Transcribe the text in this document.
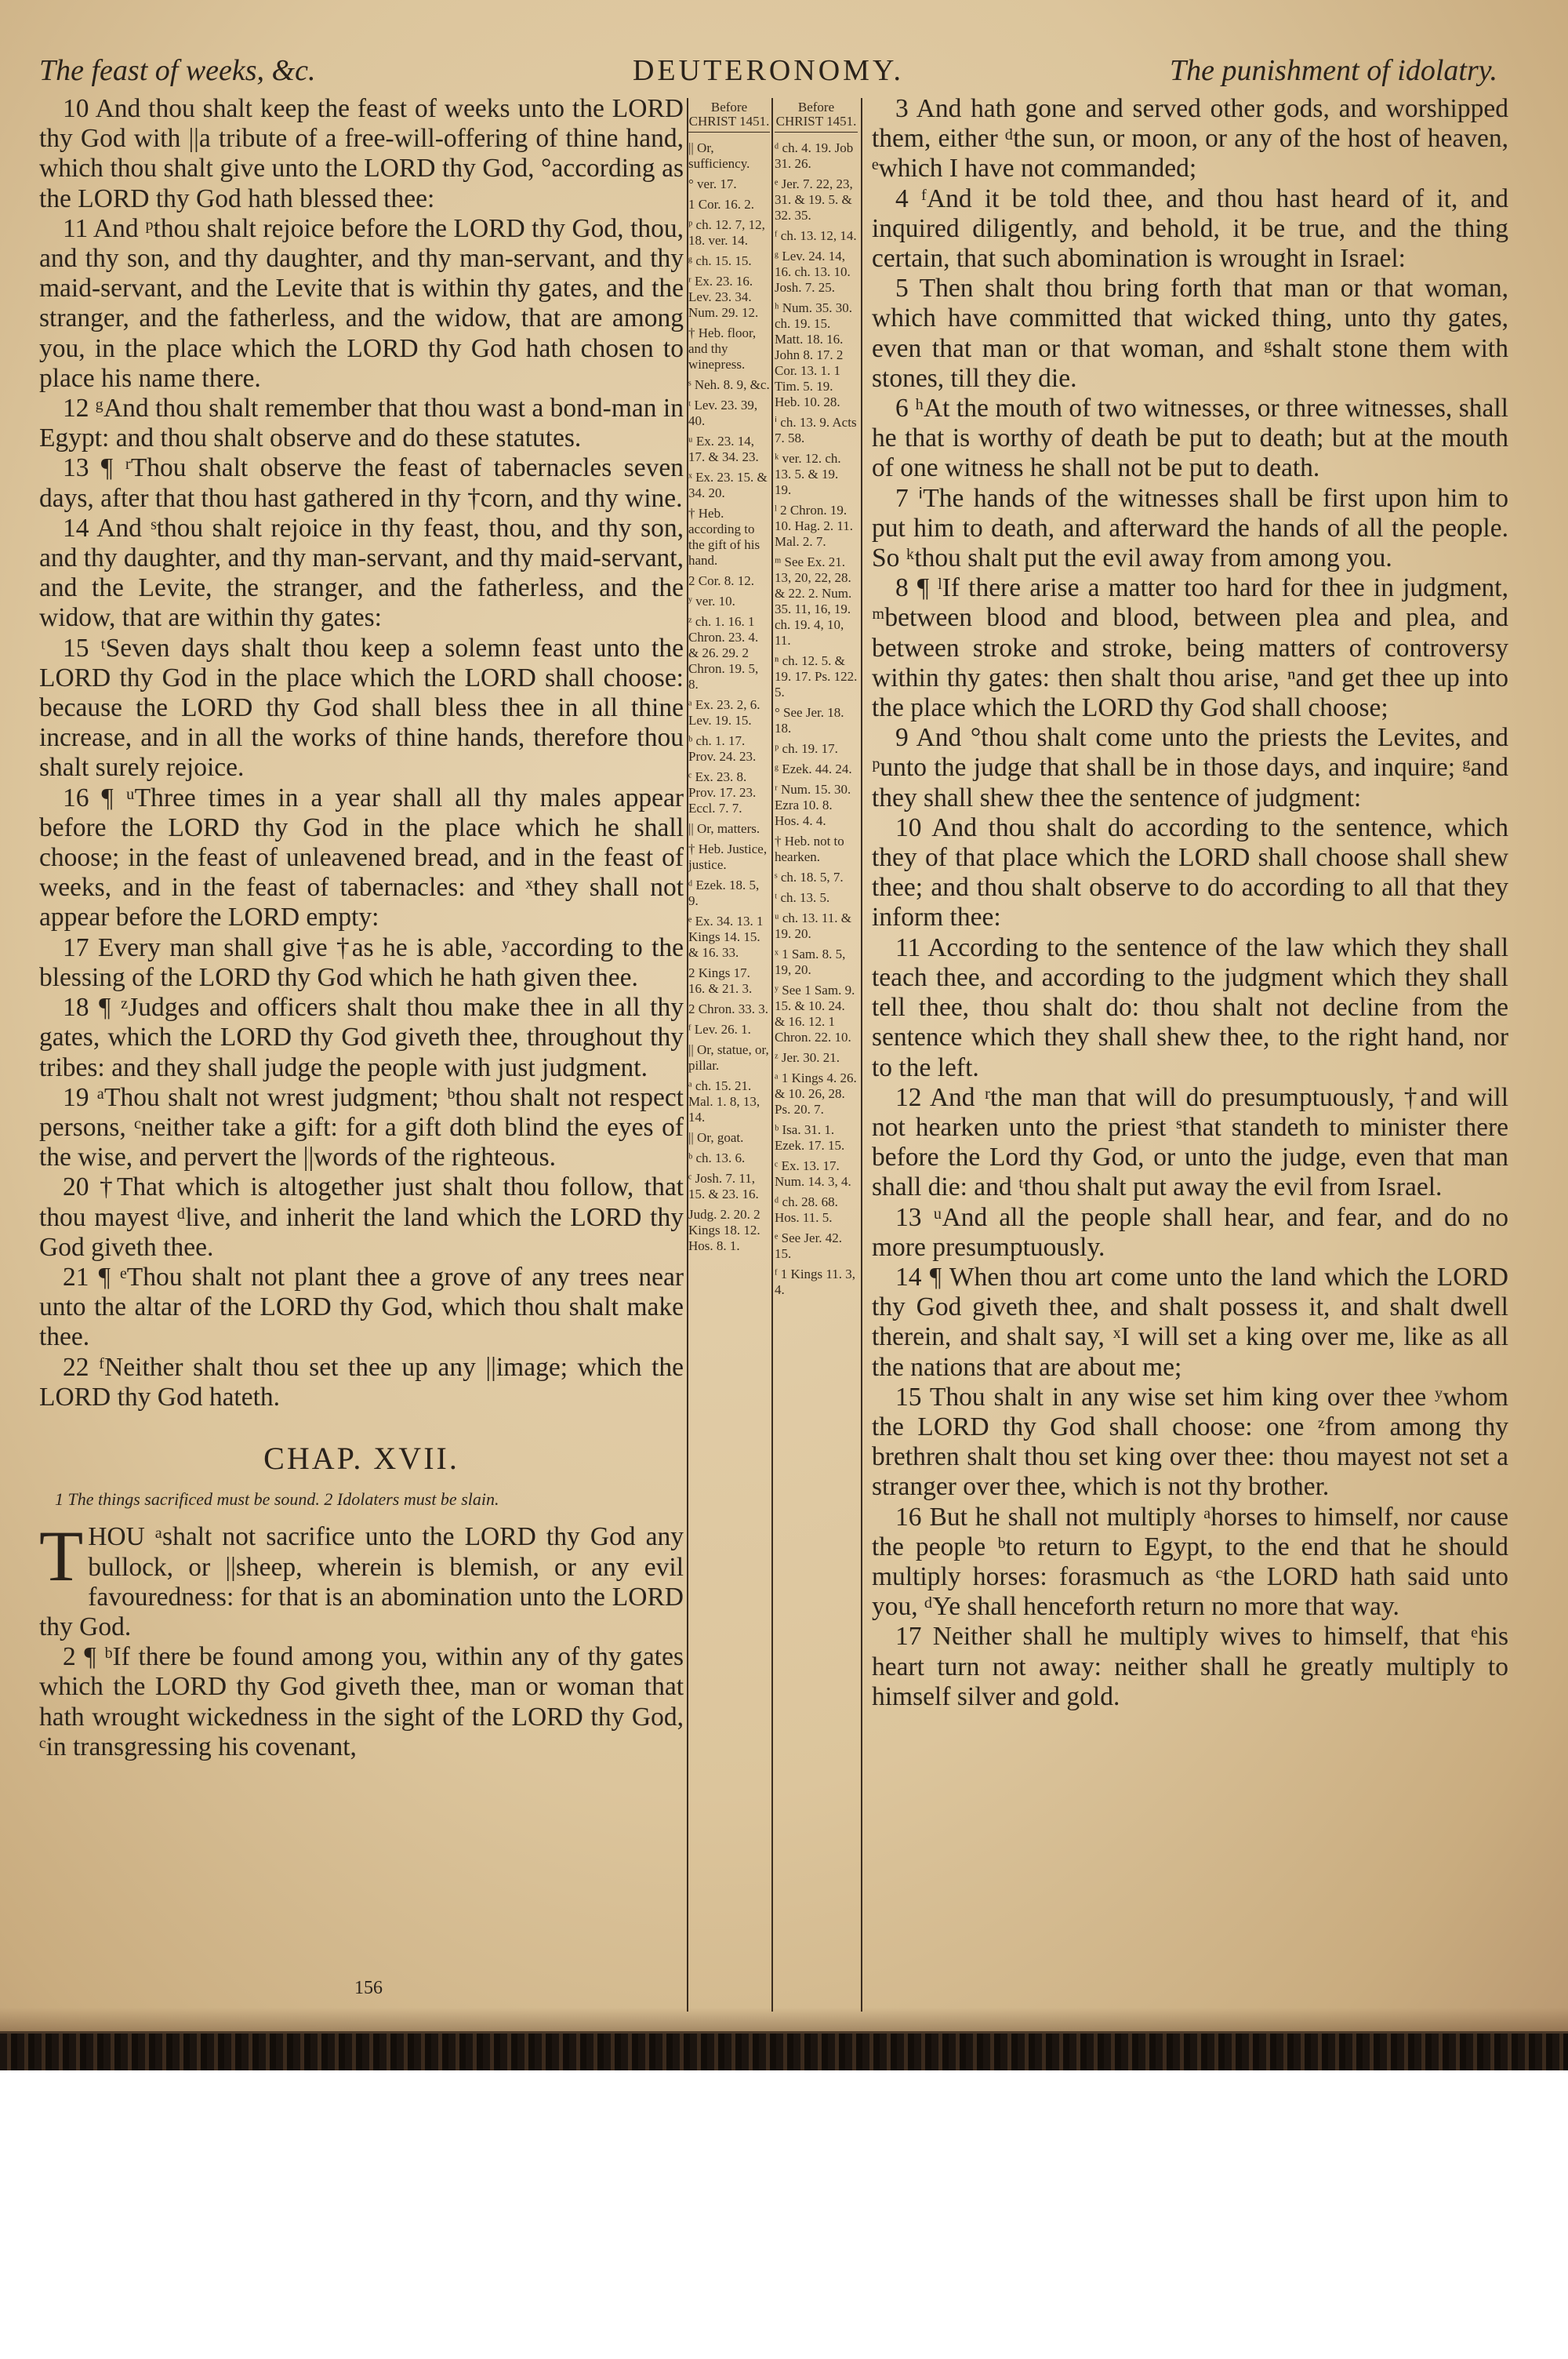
The feast of weeks, &c.	DEUTERONOMY.	The punishment of idolatry.

10 And thou shalt keep the feast of weeks unto the LORD thy God with ||a tribute of a free-will-offering of thine hand, which thou shalt give unto the LORD thy God, °according as the LORD thy God hath blessed thee:

11 And ᵖthou shalt rejoice before the LORD thy God, thou, and thy son, and thy daughter, and thy man-servant, and thy maid-servant, and the Levite that is within thy gates, and the stranger, and the fatherless, and the widow, that are among you, in the place which the LORD thy God hath chosen to place his name there.

12 ᵍAnd thou shalt remember that thou wast a bond-man in Egypt: and thou shalt observe and do these statutes.

13 ¶ ʳThou shalt observe the feast of tabernacles seven days, after that thou hast gathered in thy †corn, and thy wine.

14 And ˢthou shalt rejoice in thy feast, thou, and thy son, and thy daughter, and thy man-servant, and thy maid-servant, and the Levite, the stranger, and the fatherless, and the widow, that are within thy gates:

15 ᵗSeven days shalt thou keep a solemn feast unto the LORD thy God in the place which the LORD shall choose: because the LORD thy God shall bless thee in all thine increase, and in all the works of thine hands, therefore thou shalt surely rejoice.

16 ¶ ᵘThree times in a year shall all thy males appear before the LORD thy God in the place which he shall choose; in the feast of unleavened bread, and in the feast of weeks, and in the feast of tabernacles: and ˣthey shall not appear before the LORD empty:

17 Every man shall give †as he is able, ʸaccording to the blessing of the LORD thy God which he hath given thee.

18 ¶ ᶻJudges and officers shalt thou make thee in all thy gates, which the LORD thy God giveth thee, throughout thy tribes: and they shall judge the people with just judgment.

19 ᵃThou shalt not wrest judgment; ᵇthou shalt not respect persons, ᶜneither take a gift: for a gift doth blind the eyes of the wise, and pervert the ||words of the righteous.

20 †That which is altogether just shalt thou follow, that thou mayest ᵈlive, and inherit the land which the LORD thy God giveth thee.

21 ¶ ᵉThou shalt not plant thee a grove of any trees near unto the altar of the LORD thy God, which thou shalt make thee.

22 ᶠNeither shalt thou set thee up any ||image; which the LORD thy God hateth.

CHAP. XVII.
1 The things sacrificed must be sound. 2 Idolaters must be slain.

THOU ᵃshalt not sacrifice unto the LORD thy God any bullock, or ||sheep, wherein is blemish, or any evil favouredness: for that is an abomination unto the LORD thy God.

2 ¶ ᵇIf there be found among you, within any of thy gates which the LORD thy God giveth thee, man or woman that hath wrought wickedness in the sight of the LORD thy God, ᶜin transgressing his covenant,

Before CHRIST 1451.
|| Or, sufficiency.
° ver. 17.
1 Cor. 16. 2.
ᵖ ch. 12. 7, 12, 18. ver. 14.
ᵍ ch. 15. 15.
ʳ Ex. 23. 16. Lev. 23. 34. Num. 29. 12.
† Heb. floor, and thy winepress.
ˢ Neh. 8. 9, &c.
ᵗ Lev. 23. 39, 40.
ᵘ Ex. 23. 14, 17. & 34. 23.
ˣ Ex. 23. 15. & 34. 20.
† Heb. according to the gift of his hand.
2 Cor. 8. 12.
ʸ ver. 10.
ᶻ ch. 1. 16. 1 Chron. 23. 4. & 26. 29. 2 Chron. 19. 5, 8.
ᵃ Ex. 23. 2, 6. Lev. 19. 15.
ᵇ ch. 1. 17. Prov. 24. 23.
ᶜ Ex. 23. 8. Prov. 17. 23. Eccl. 7. 7.
|| Or, matters.
† Heb. Justice, justice.
ᵈ Ezek. 18. 5, 9.
ᵉ Ex. 34. 13. 1 Kings 14. 15. & 16. 33.
2 Kings 17. 16. & 21. 3.
2 Chron. 33. 3.
ᶠ Lev. 26. 1.
|| Or, statue, or, pillar.
ᵃ ch. 15. 21. Mal. 1. 8, 13, 14.
|| Or, goat.
ᵇ ch. 13. 6.
ᶜ Josh. 7. 11, 15. & 23. 16.
Judg. 2. 20. 2 Kings 18. 12. Hos. 8. 1.
Before CHRIST 1451.
ᵈ ch. 4. 19. Job 31. 26.
ᵉ Jer. 7. 22, 23, 31. & 19. 5. & 32. 35.
ᶠ ch. 13. 12, 14.
ᵍ Lev. 24. 14, 16. ch. 13. 10. Josh. 7. 25.
ʰ Num. 35. 30. ch. 19. 15. Matt. 18. 16. John 8. 17. 2 Cor. 13. 1. 1 Tim. 5. 19. Heb. 10. 28.
ⁱ ch. 13. 9. Acts 7. 58.
ᵏ ver. 12. ch. 13. 5. & 19. 19.
ˡ 2 Chron. 19. 10. Hag. 2. 11. Mal. 2. 7.
ᵐ See Ex. 21. 13, 20, 22, 28. & 22. 2. Num. 35. 11, 16, 19. ch. 19. 4, 10, 11.
ⁿ ch. 12. 5. & 19. 17. Ps. 122. 5.
° See Jer. 18. 18.
ᵖ ch. 19. 17.
ᵍ Ezek. 44. 24.
ʳ Num. 15. 30. Ezra 10. 8. Hos. 4. 4.
† Heb. not to hearken.
ˢ ch. 18. 5, 7.
ᵗ ch. 13. 5.
ᵘ ch. 13. 11. & 19. 20.
ˣ 1 Sam. 8. 5, 19, 20.
ʸ See 1 Sam. 9. 15. & 10. 24. & 16. 12. 1 Chron. 22. 10.
ᶻ Jer. 30. 21.
ᵃ 1 Kings 4. 26. & 10. 26, 28. Ps. 20. 7.
ᵇ Isa. 31. 1. Ezek. 17. 15.
ᶜ Ex. 13. 17. Num. 14. 3, 4.
ᵈ ch. 28. 68. Hos. 11. 5.
ᵉ See Jer. 42. 15.
ᶠ 1 Kings 11. 3, 4.

3 And hath gone and served other gods, and worshipped them, either ᵈthe sun, or moon, or any of the host of heaven, ᵉwhich I have not commanded;

4 ᶠAnd it be told thee, and thou hast heard of it, and inquired diligently, and behold, it be true, and the thing certain, that such abomination is wrought in Israel:

5 Then shalt thou bring forth that man or that woman, which have committed that wicked thing, unto thy gates, even that man or that woman, and ᵍshalt stone them with stones, till they die.

6 ʰAt the mouth of two witnesses, or three witnesses, shall he that is worthy of death be put to death; but at the mouth of one witness he shall not be put to death.

7 ⁱThe hands of the witnesses shall be first upon him to put him to death, and afterward the hands of all the people. So ᵏthou shalt put the evil away from among you.

8 ¶ ˡIf there arise a matter too hard for thee in judgment, ᵐbetween blood and blood, between plea and plea, and between stroke and stroke, being matters of controversy within thy gates: then shalt thou arise, ⁿand get thee up into the place which the LORD thy God shall choose;

9 And °thou shalt come unto the priests the Levites, and ᵖunto the judge that shall be in those days, and inquire; ᵍand they shall shew thee the sentence of judgment:

10 And thou shalt do according to the sentence, which they of that place which the LORD shall choose shall shew thee; and thou shalt observe to do according to all that they inform thee:

11 According to the sentence of the law which they shall teach thee, and according to the judgment which they shall tell thee, thou shalt do: thou shalt not decline from the sentence which they shall shew thee, to the right hand, nor to the left.

12 And ʳthe man that will do presumptuously, †and will not hearken unto the priest ˢthat standeth to minister there before the Lord thy God, or unto the judge, even that man shall die: and ᵗthou shalt put away the evil from Israel.

13 ᵘAnd all the people shall hear, and fear, and do no more presumptuously.

14 ¶ When thou art come unto the land which the LORD thy God giveth thee, and shalt possess it, and shalt dwell therein, and shalt say, ˣI will set a king over me, like as all the nations that are about me;

15 Thou shalt in any wise set him king over thee ʸwhom the LORD thy God shall choose: one ᶻfrom among thy brethren shalt thou set king over thee: thou mayest not set a stranger over thee, which is not thy brother.

16 But he shall not multiply ᵃhorses to himself, nor cause the people ᵇto return to Egypt, to the end that he should multiply horses: forasmuch as ᶜthe LORD hath said unto you, ᵈYe shall henceforth return no more that way.

17 Neither shall he multiply wives to himself, that ᵉhis heart turn not away: neither shall he greatly multiply to himself silver and gold.

156
